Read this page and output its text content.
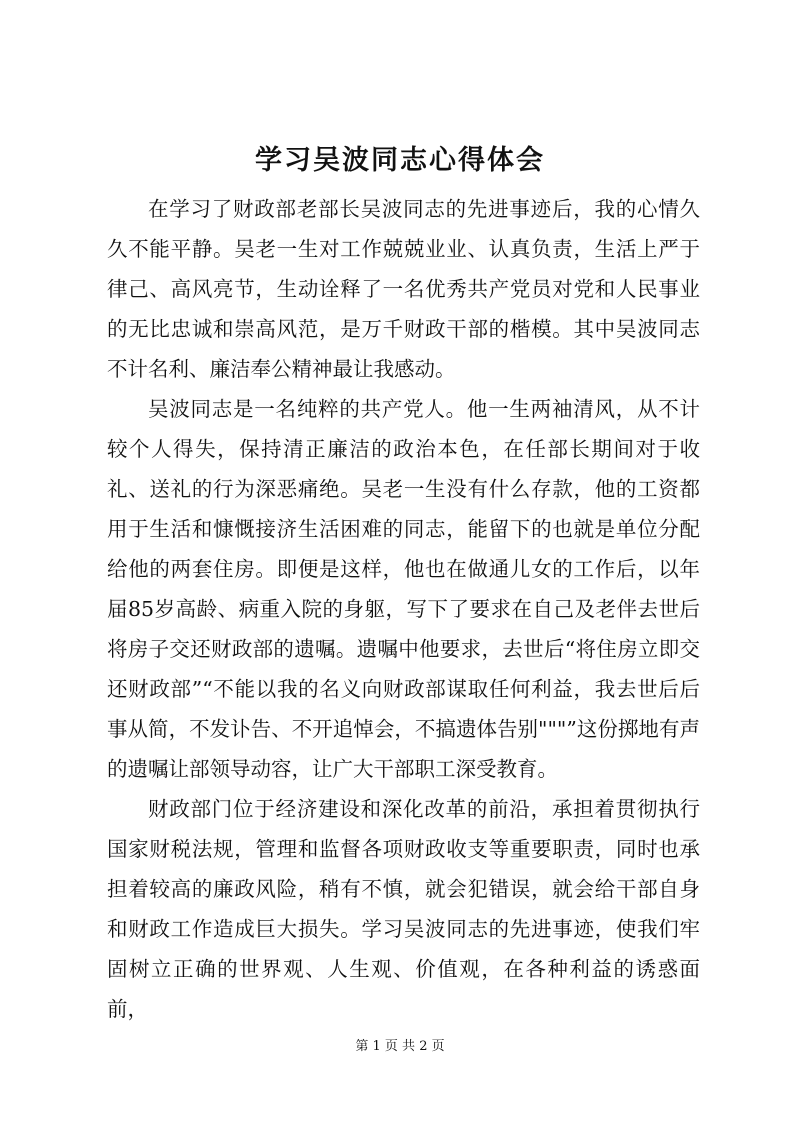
学习吴波同志心得体会

在学习了财政部老部长吴波同志的先进事迹后，我的心情久久不能平静。吴老一生对工作兢兢业业、认真负责，生活上严于律己、高风亮节，生动诠释了一名优秀共产党员对党和人民事业的无比忠诚和崇高风范，是万千财政干部的楷模。其中吴波同志不计名利、廉洁奉公精神最让我感动。

吴波同志是一名纯粹的共产党人。他一生两袖清风，从不计较个人得失，保持清正廉洁的政治本色，在任部长期间对于收礼、送礼的行为深恶痛绝。吴老一生没有什么存款，他的工资都用于生活和慷慨接济生活困难的同志，能留下的也就是单位分配给他的两套住房。即便是这样，他也在做通儿女的工作后，以年届85岁高龄、病重入院的身躯，写下了要求在自己及老伴去世后将房子交还财政部的遗嘱。遗嘱中他要求，去世后“将住房立即交还财政部”“不能以我的名义向财政部谋取任何利益，我去世后后事从简，不发讣告、不开追悼会，不搞遗体告别"""”这份掷地有声的遗嘱让部领导动容，让广大干部职工深受教育。

财政部门位于经济建设和深化改革的前沿，承担着贯彻执行国家财税法规，管理和监督各项财政收支等重要职责，同时也承担着较高的廉政风险，稍有不慎，就会犯错误，就会给干部自身和财政工作造成巨大损失。学习吴波同志的先进事迹，使我们牢固树立正确的世界观、人生观、价值观，在各种利益的诱惑面前，

第 1 页 共 2 页
